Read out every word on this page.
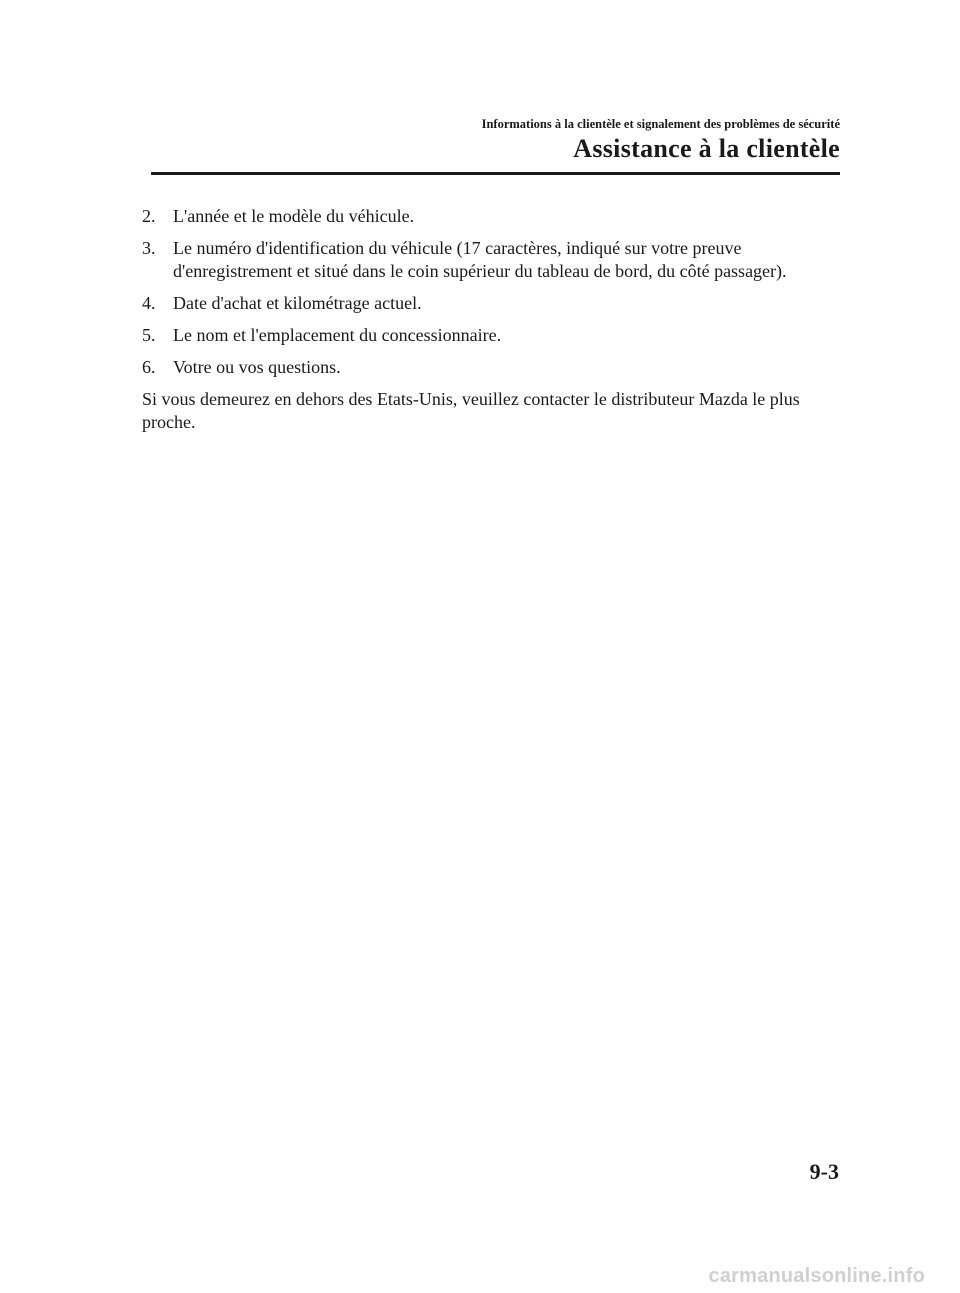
Informations à la clientèle et signalement des problèmes de sécurité
Assistance à la clientèle
2. L'année et le modèle du véhicule.
3. Le numéro d'identification du véhicule (17 caractères, indiqué sur votre preuve d'enregistrement et situé dans le coin supérieur du tableau de bord, du côté passager).
4. Date d'achat et kilométrage actuel.
5. Le nom et l'emplacement du concessionnaire.
6. Votre ou vos questions.

Si vous demeurez en dehors des Etats-Unis, veuillez contacter le distributeur Mazda le plus proche.

9-3
carmanualsonline.info
